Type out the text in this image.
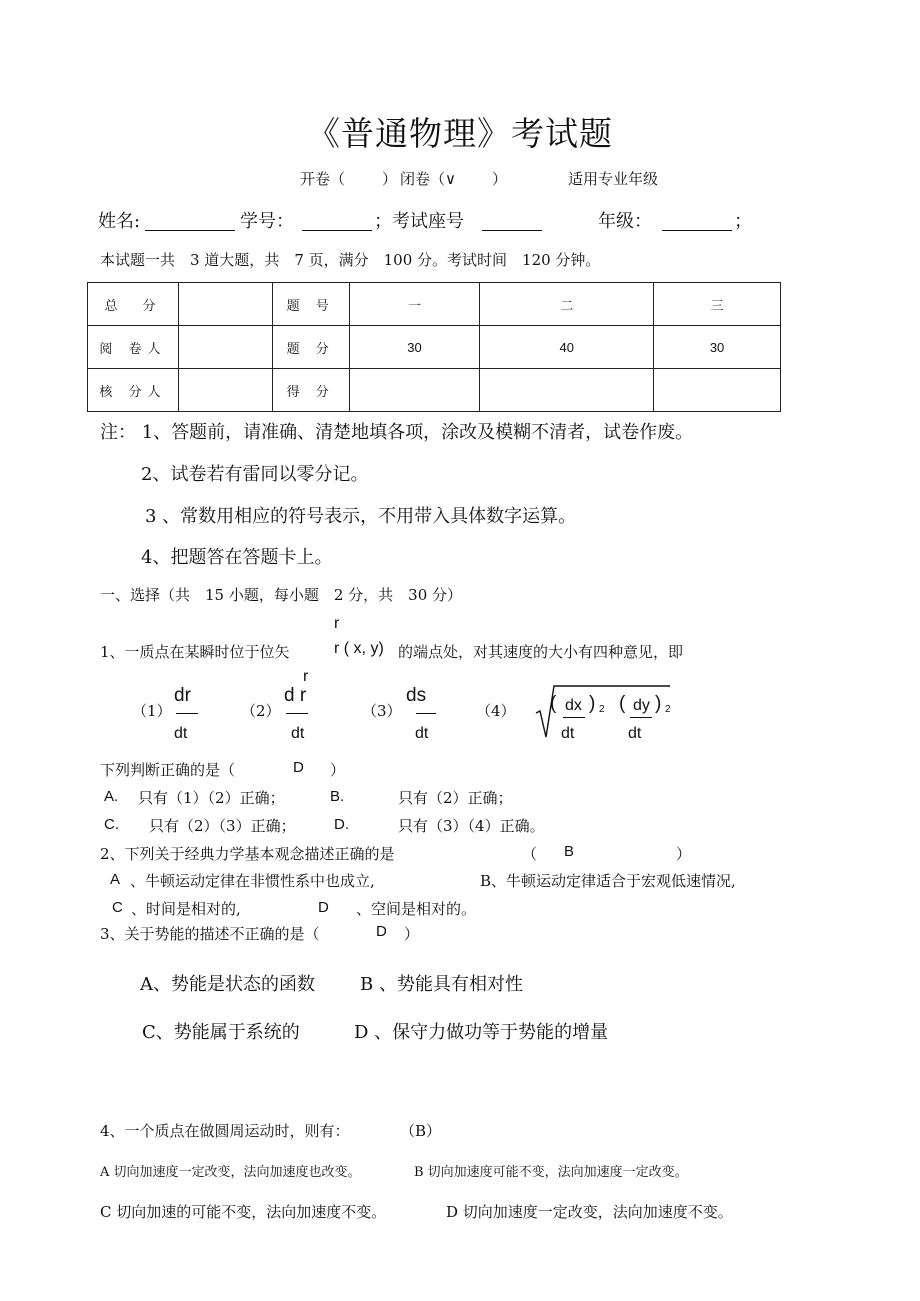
《普通物理》考试题
开卷（ ） 闭卷（∨ ）	适用专业年级
姓名:	学号：	；考试座号	年级：	；
本试题一共　3 道大题，共　7 页，满分　100 分。考试时间　120 分钟。
总　分		题 号	一	二	三
阅 卷人		题 分	30	40	30
核 分人		得 分			
注： 1、答题前，请准确、清楚地填各项，涂改及模糊不清者，试卷作废。
2、试卷若有雷同以零分记。
3 、常数用相应的符号表示，不用带入具体数字运算。
4、把题答在答题卡上。
一、选择（共　15 小题，每小题　2 分，共　30 分）
r
1、一质点在某瞬时位于位矢	r ( x, y) 的端点处，对其速度的大小有四种意见，即
（1）
dr
dt
（2）
r
d r
dt
（3）
ds
dt
（4） ( dx
dt
) 2 ( dy
dt
) 2
下列判断正确的是（	D ）
A. 只有（1）（2）正确；	B.	只有（2）正确；
C. 只有（2）（3）正确；	D.	只有（3）（4）正确。
2、下列关于经典力学基本观念描述正确的是	（ B	）
A 、牛顿运动定律在非惯性系中也成立,	B、牛顿运动定律适合于宏观低速情况,
C 、时间是相对的,	D 、空间是相对的。
3、关于势能的描述不正确的是（	D ）
A、势能是状态的函数	B 、势能具有相对性
C、势能属于系统的	D 、保守力做功等于势能的增量
4、一个质点在做圆周运动时，则有：	（B）
A 切向加速度一定改变，法向加速度也改变。	B 切向加速度可能不变，法向加速度一定改变。
C 切向加速的可能不变，法向加速度不变。	D 切向加速度一定改变，法向加速度不变。
